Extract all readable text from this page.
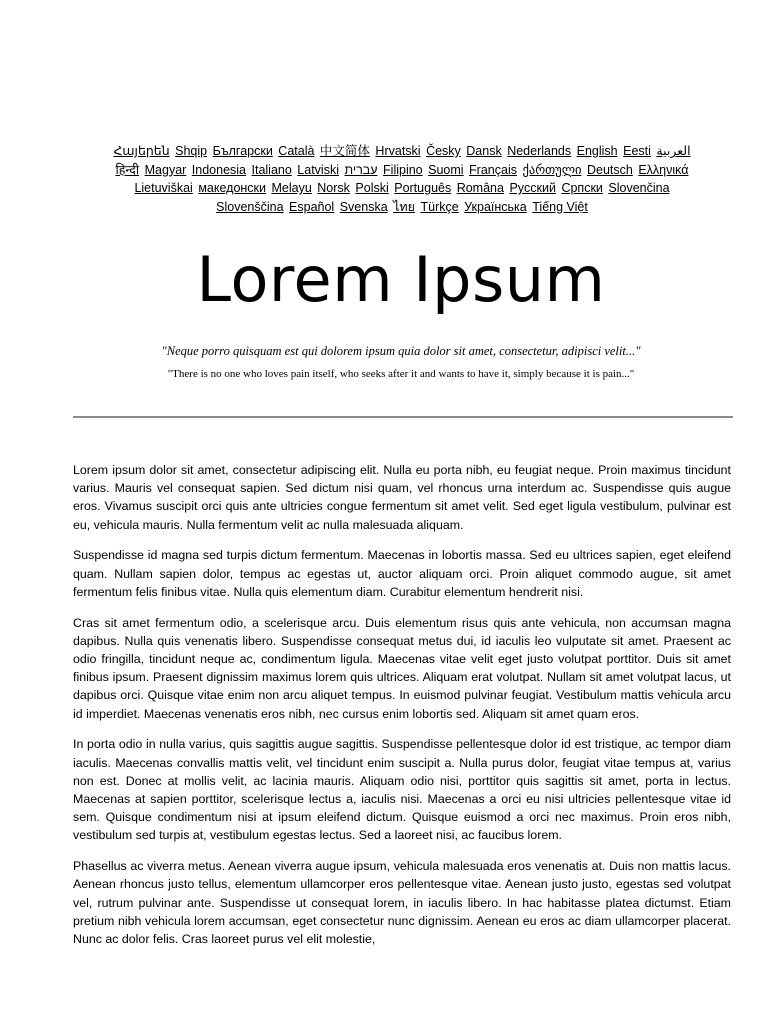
Հայերեն Shqip Български Català 中文简体 Hrvatski Česky Dansk Nederlands English Eesti العربية
हिन्दी Magyar Indonesia Italiano Latviski עברית Filipino Suomi Français ქართული Deutsch Ελληνικά
Lietuviškai македонски Melayu Norsk Polski Português Româna Pyccкий Српски Slovenčina
Slovenščina Español Svenska ไทย Türkçe Українська Tiếng Việt
Lorem Ipsum
"Neque porro quisquam est qui dolorem ipsum quia dolor sit amet, consectetur, adipisci velit..."
"There is no one who loves pain itself, who seeks after it and wants to have it, simply because it is pain..."

Lorem ipsum dolor sit amet, consectetur adipiscing elit. Nulla eu porta nibh, eu feugiat neque. Proin maximus tincidunt varius. Mauris vel consequat sapien. Sed dictum nisi quam, vel rhoncus urna interdum ac. Suspendisse quis augue eros. Vivamus suscipit orci quis ante ultricies congue fermentum sit amet velit. Sed eget ligula vestibulum, pulvinar est eu, vehicula mauris. Nulla fermentum velit ac nulla malesuada aliquam.

Suspendisse id magna sed turpis dictum fermentum. Maecenas in lobortis massa. Sed eu ultrices sapien, eget eleifend quam. Nullam sapien dolor, tempus ac egestas ut, auctor aliquam orci. Proin aliquet commodo augue, sit amet fermentum felis finibus vitae. Nulla quis elementum diam. Curabitur elementum hendrerit nisi.

Cras sit amet fermentum odio, a scelerisque arcu. Duis elementum risus quis ante vehicula, non accumsan magna dapibus. Nulla quis venenatis libero. Suspendisse consequat metus dui, id iaculis leo vulputate sit amet. Praesent ac odio fringilla, tincidunt neque ac, condimentum ligula. Maecenas vitae velit eget justo volutpat porttitor. Duis sit amet finibus ipsum. Praesent dignissim maximus lorem quis ultrices. Aliquam erat volutpat. Nullam sit amet volutpat lacus, ut dapibus orci. Quisque vitae enim non arcu aliquet tempus. In euismod pulvinar feugiat. Vestibulum mattis vehicula arcu id imperdiet. Maecenas venenatis eros nibh, nec cursus enim lobortis sed. Aliquam sit amet quam eros.

In porta odio in nulla varius, quis sagittis augue sagittis. Suspendisse pellentesque dolor id est tristique, ac tempor diam iaculis. Maecenas convallis mattis velit, vel tincidunt enim suscipit a. Nulla purus dolor, feugiat vitae tempus at, varius non est. Donec at mollis velit, ac lacinia mauris. Aliquam odio nisi, porttitor quis sagittis sit amet, porta in lectus. Maecenas at sapien porttitor, scelerisque lectus a, iaculis nisi. Maecenas a orci eu nisi ultricies pellentesque vitae id sem. Quisque condimentum nisi at ipsum eleifend dictum. Quisque euismod a orci nec maximus. Proin eros nibh, vestibulum sed turpis at, vestibulum egestas lectus. Sed a laoreet nisi, ac faucibus lorem.

Phasellus ac viverra metus. Aenean viverra augue ipsum, vehicula malesuada eros venenatis at. Duis non mattis lacus. Aenean rhoncus justo tellus, elementum ullamcorper eros pellentesque vitae. Aenean justo justo, egestas sed volutpat vel, rutrum pulvinar ante. Suspendisse ut consequat lorem, in iaculis libero. In hac habitasse platea dictumst. Etiam pretium nibh vehicula lorem accumsan, eget consectetur nunc dignissim. Aenean eu eros ac diam ullamcorper placerat. Nunc ac dolor felis. Cras laoreet purus vel elit molestie,
